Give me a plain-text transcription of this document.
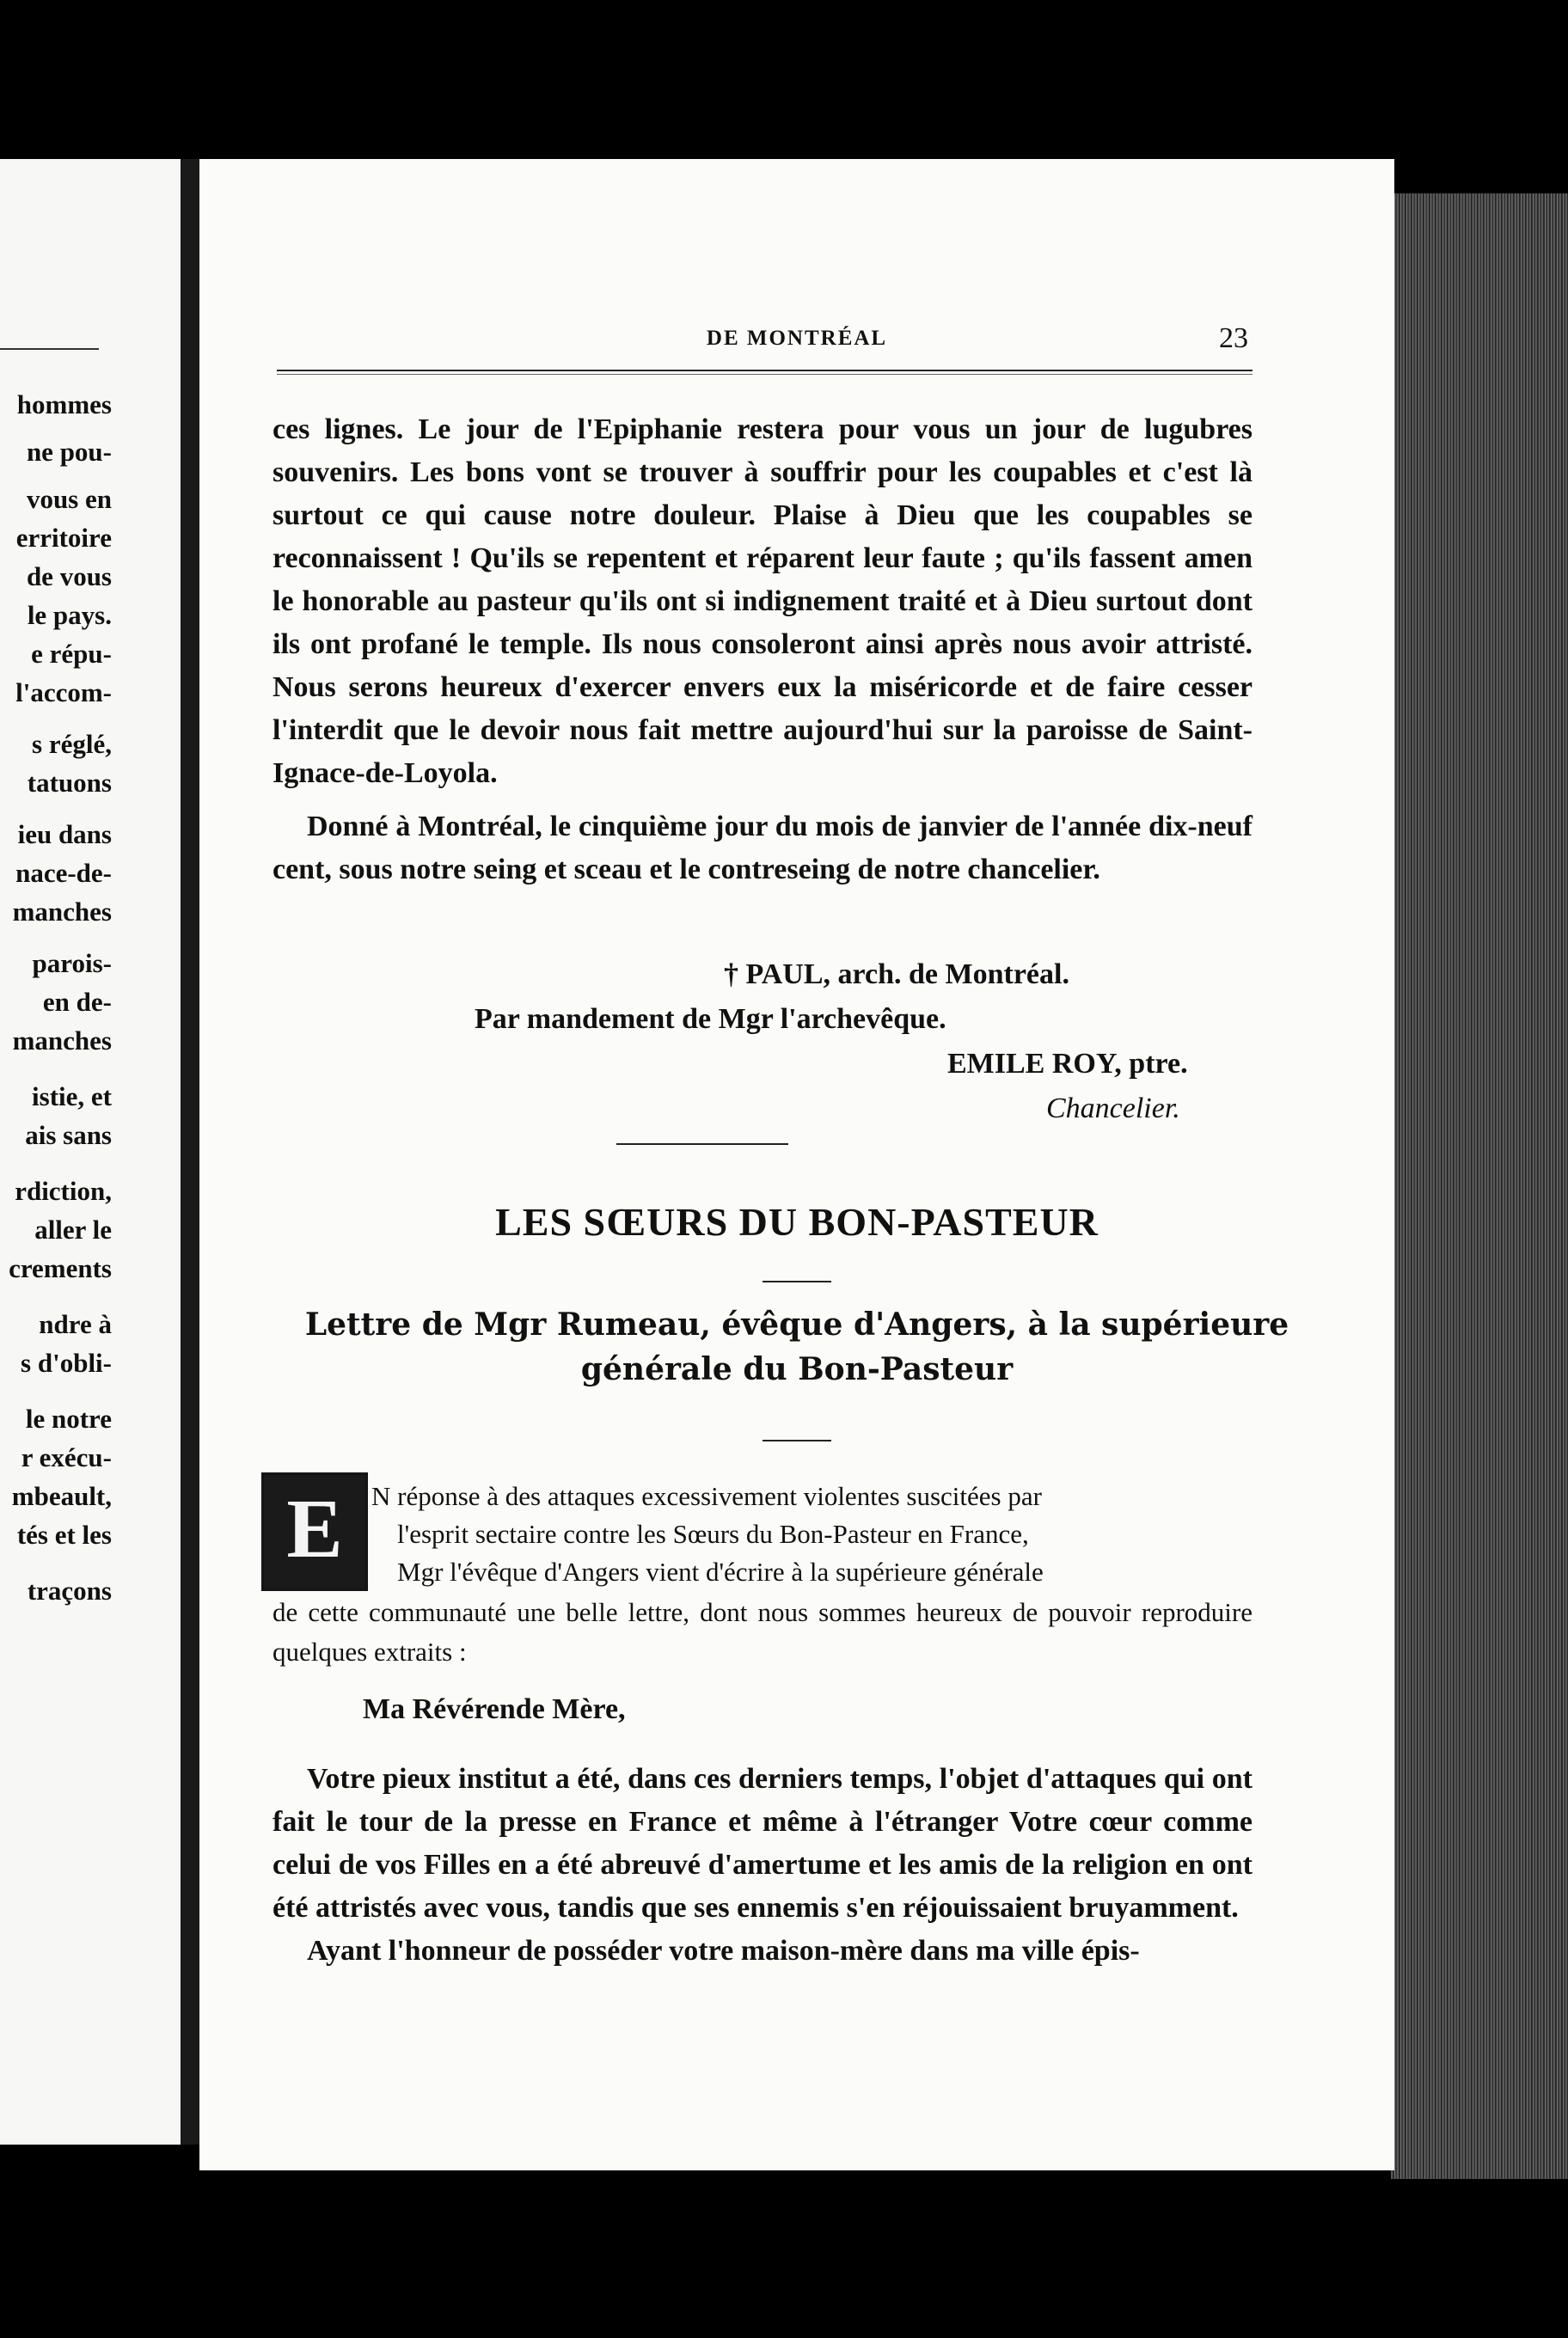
hommes
ne pou-
vous en
erritoire
de vous
le pays.
e répu-
l'accom-
s réglé,
tatuons
ieu dans
nace-de-
manches
parois-
en de-
manches
istie, et
ais sans
rdiction,
aller le
crements
ndre à
s d'obli-
le notre
r exécu-
mbeault,
tés et les
traçons
DE MONTRÉAL	23

ces lignes. Le jour de l'Epiphanie restera pour vous un jour de lugubres souvenirs. Les bons vont se trouver à souffrir pour les coupables et c'est là surtout ce qui cause notre douleur. Plaise à Dieu que les coupables se reconnaissent ! Qu'ils se repentent et réparent leur faute ; qu'ils fassent amen le honorable au pasteur qu'ils ont si indignement traité et à Dieu surtout dont ils ont profané le temple. Ils nous consoleront ainsi après nous avoir attristé. Nous serons heureux d'exercer envers eux la miséricorde et de faire cesser l'interdit que le devoir nous fait mettre aujourd'hui sur la paroisse de Saint-Ignace-de-Loyola.

Donné à Montréal, le cinquième jour du mois de janvier de l'année dix-neuf cent, sous notre seing et sceau et le contreseing de notre chancelier.

† PAUL, arch. de Montréal.
Par mandement de Mgr l'archevêque.
EMILE ROY, ptre.
Chancelier.
LES SŒURS DU BON-PASTEUR
Lettre de Mgr Rumeau, évêque d'Angers, à la supérieure générale du Bon-Pasteur
E	N réponse à des attaques excessivement violentes suscitées par
l'esprit sectaire contre les Sœurs du Bon-Pasteur en France,
Mgr l'évêque d'Angers vient d'écrire à la supérieure générale
de cette communauté une belle lettre, dont nous sommes heureux de pouvoir reproduire quelques extraits :
Ma Révérende Mère,

Votre pieux institut a été, dans ces derniers temps, l'objet d'attaques qui ont fait le tour de la presse en France et même à l'étranger Votre cœur comme celui de vos Filles en a été abreuvé d'amertume et les amis de la religion en ont été attristés avec vous, tandis que ses ennemis s'en réjouissaient bruyamment.

Ayant l'honneur de posséder votre maison-mère dans ma ville épis-
